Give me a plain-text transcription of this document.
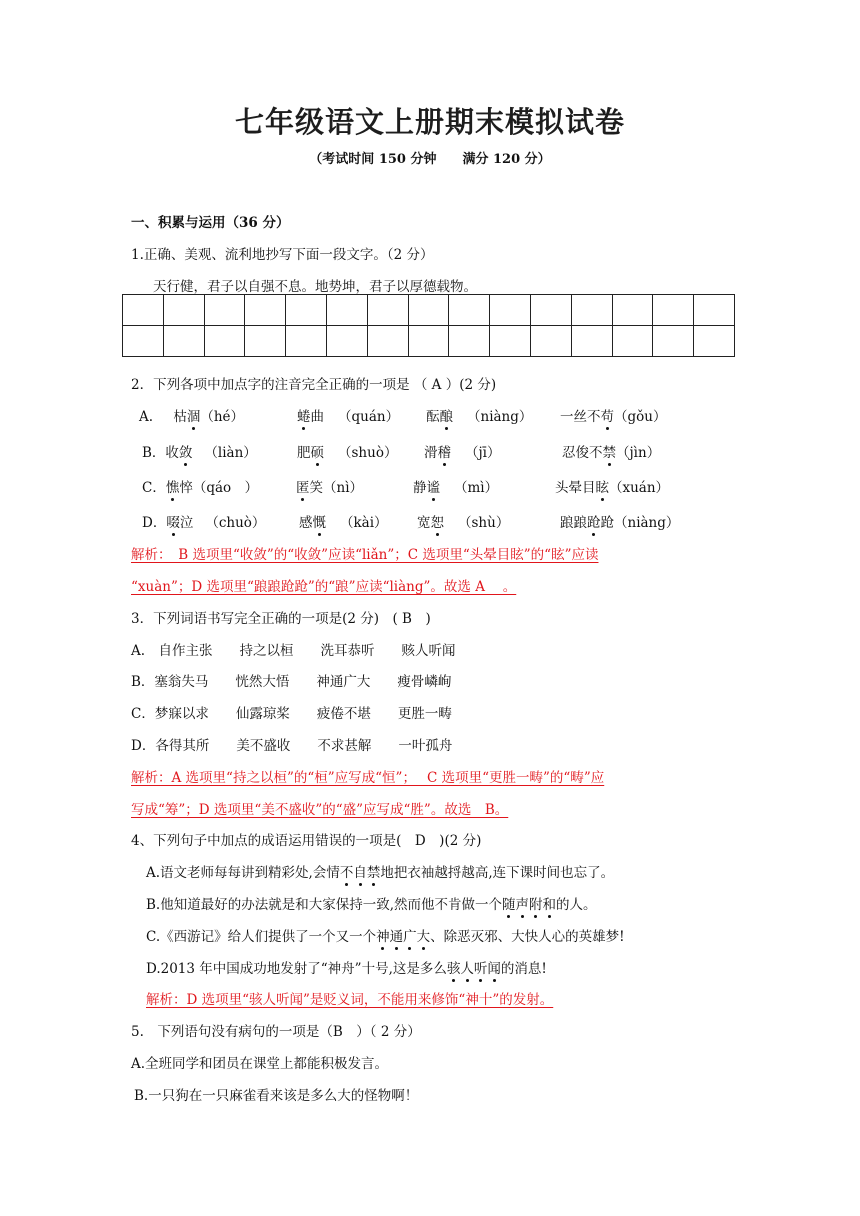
七年级语文上册期末模拟试卷
（考试时间 150 分钟　　满分 120 分）
一、积累与运用（36 分）
1.正确、美观、流利地抄写下面一段文字。（2 分）
天行健，君子以自强不息。地势坤，君子以厚德载物。

2．下列各项中加点字的注音完全正确的一项是 （ A ）(2 分)
A. 枯涸（hé）	蜷曲 （quán） 酝酿 （niàng） 一丝不苟（gǒu）
B．收敛 （liàn）	肥硕 （shuò） 滑稽 （jī）	忍俊不禁（jìn）
C．憔悴（qáo　）	匿笑（nì）	静谧 （mì）	头晕目眩（xuán）
D．啜泣 （chuò） 感慨 （kài） 宽恕 （shù）	踉踉跄跄（niàng）
解析：　B 选项里“收敛”的“收敛”应读“liǎn”；C 选项里“头晕目眩”的“眩”应读
“xuàn”；D 选项里“踉踉跄跄”的“踉”应读“liàng”。故选 A　 。
3．下列词语书写完全正确的一项是(2 分)　( B　)
A.　自作主张　　持之以桓　　洗耳恭听　　赅人听闻
B．塞翁失马　　恍然大悟　　神通广大　　瘦骨嶙峋
C．梦寐以求　　仙露琼桨　　疲倦不堪　　更胜一畴
D．各得其所　　美不盛收　　不求甚解　　一叶孤舟
解析：A 选项里“持之以桓”的“桓”应写成“恒”；　 C 选项里“更胜一畴”的“畴”应
写成“筹”；D 选项里“美不盛收”的“盛”应写成“胜”。故选　B。
4、下列句子中加点的成语运用错误的一项是(　D　)(2 分)
A.语文老师每每讲到精彩处,会情不自禁地把衣袖越捋越高,连下课时间也忘了。
B.他知道最好的办法就是和大家保持一致,然而他不肯做一个随声附和的人。
C.《西游记》给人们提供了一个又一个神通广大、除恶灭邪、大快人心的英雄梦!
D.2013 年中国成功地发射了“神舟”十号,这是多么骇人听闻的消息!
解析：D 选项里“骇人听闻”是贬义词，不能用来修饰“神十”的发射。
5.　下列语句没有病句的一项是（B　）（ 2 分）
A.全班同学和团员在课堂上都能积极发言。
B.一只狗在一只麻雀看来该是多么大的怪物啊！
